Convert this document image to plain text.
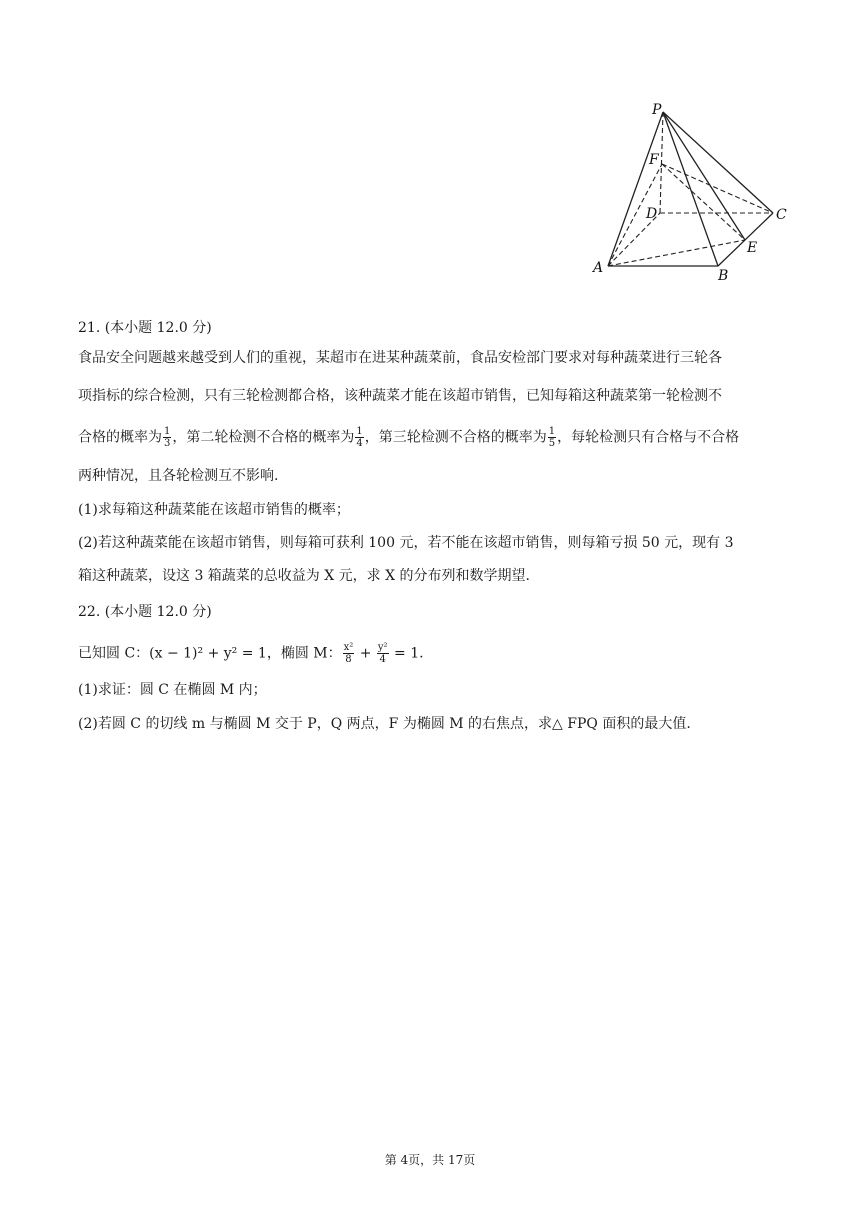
P
F
D	C
E
A	B
21. (本小题 12.0 分)
食品安全问题越来越受到人们的重视，某超市在进某种蔬菜前，食品安检部门要求对每种蔬菜进行三轮各
项指标的综合检测，只有三轮检测都合格，该种蔬菜才能在该超市销售，已知每箱这种蔬菜第一轮检测不
合格的概率为 $\frac{1}{3}$ ，第二轮检测不合格的概率为 $\frac{1}{4}$ ，第三轮检测不合格的概率为 $\frac{1}{5}$ ，每轮检测只有合格与不合格
两种情况，且各轮检测互不影响.
(1)求每箱这种蔬菜能在该超市销售的概率；
(2)若这种蔬菜能在该超市销售，则每箱可获利 100 元，若不能在该超市销售，则每箱亏损 50 元，现有 3
箱这种蔬菜，设这 3 箱蔬菜的总收益为 X 元，求 X 的分布列和数学期望.
22. (本小题 12.0 分)
已知圆 C：(x − 1)² + y² = 1，椭圆 M： $\frac{\text{x²}}{8} + \frac{\text{y²}}{4} = 1$.
(1)求证：圆 C 在椭圆 M 内；
(2)若圆 C 的切线 m 与椭圆 M 交于 P，Q 两点，F 为椭圆 M 的右焦点，求△ FPQ 面积的最大值.
第 4页，共 17页
